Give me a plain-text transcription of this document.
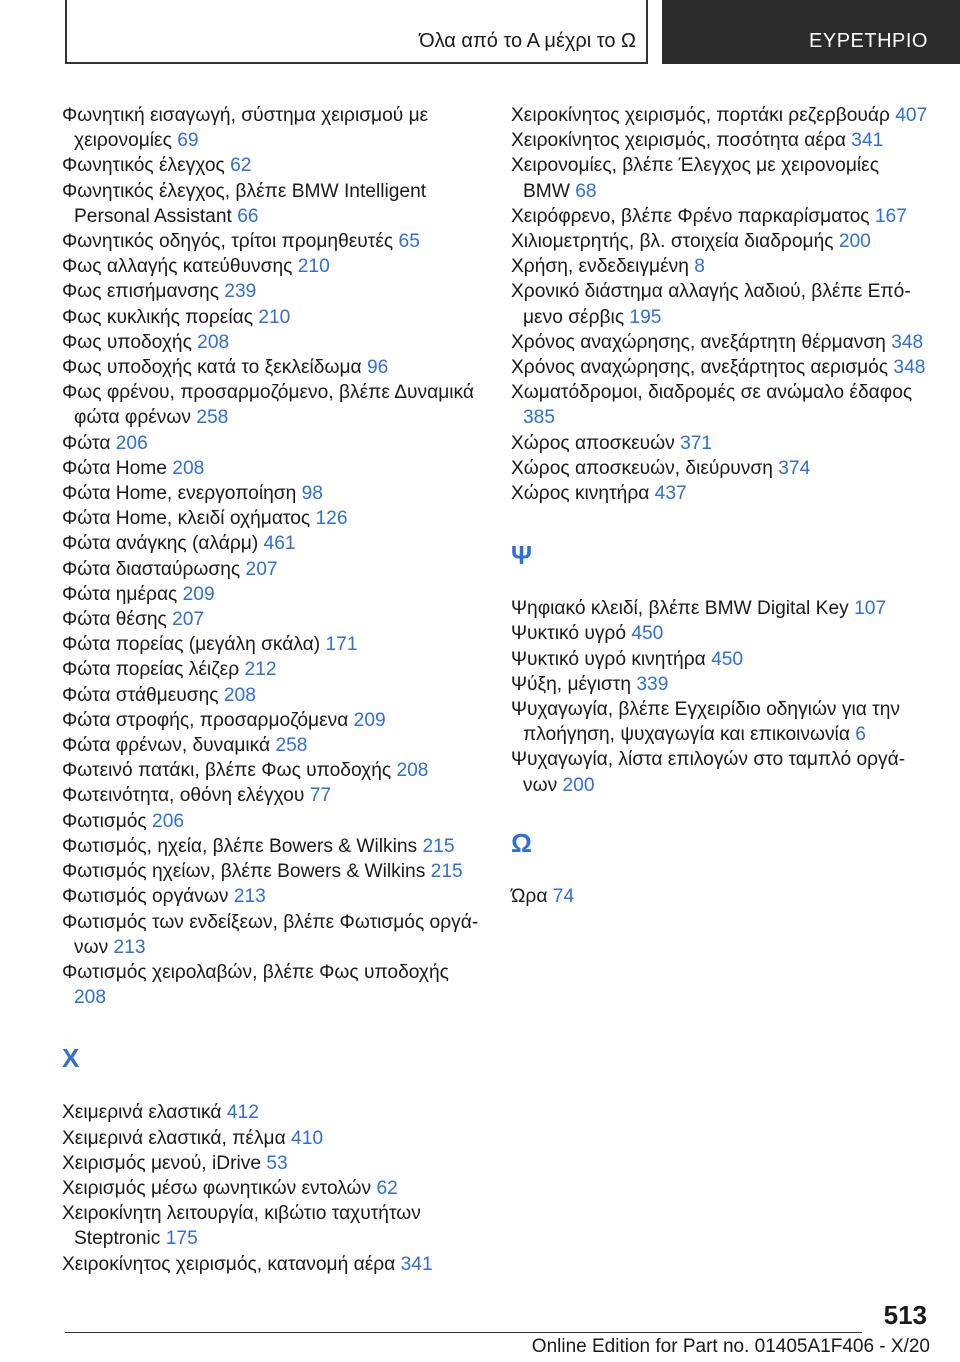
Όλα από το Α μέχρι το Ω	ΕΥΡΕΤΗΡΙΟ

Φωνητική εισαγωγή, σύστημα χειρισμού με χειρονομίες 69

Φωνητικός έλεγχος 62

Φωνητικός έλεγχος, βλέπε BMW Intelligent Personal Assistant 66

Φωνητικός οδηγός, τρίτοι προμηθευτές 65

Φως αλλαγής κατεύθυνσης 210

Φως επισήμανσης 239

Φως κυκλικής πορείας 210

Φως υποδοχής 208

Φως υποδοχής κατά το ξεκλείδωμα 96

Φως φρένου, προσαρμοζόμενο, βλέπε Δυναμικά φώτα φρένων 258

Φώτα 206

Φώτα Home 208

Φώτα Home, ενεργοποίηση 98

Φώτα Home, κλειδί οχήματος 126

Φώτα ανάγκης (αλάρμ) 461

Φώτα διασταύρωσης 207

Φώτα ημέρας 209

Φώτα θέσης 207

Φώτα πορείας (μεγάλη σκάλα) 171

Φώτα πορείας λέιζερ 212

Φώτα στάθμευσης 208

Φώτα στροφής, προσαρμοζόμενα 209

Φώτα φρένων, δυναμικά 258

Φωτεινό πατάκι, βλέπε Φως υποδοχής 208

Φωτεινότητα, οθόνη ελέγχου 77

Φωτισμός 206

Φωτισμός, ηχεία, βλέπε Bowers & Wilkins 215

Φωτισμός ηχείων, βλέπε Bowers & Wilkins 215

Φωτισμός οργάνων 213

Φωτισμός των ενδείξεων, βλέπε Φωτισμός οργάνων 213

Φωτισμός χειρολαβών, βλέπε Φως υποδοχής 208

Χ

Χειμερινά ελαστικά 412

Χειμερινά ελαστικά, πέλμα 410

Χειρισμός μενού, iDrive 53

Χειρισμός μέσω φωνητικών εντολών 62

Χειροκίνητη λειτουργία, κιβώτιο ταχυτήτων Steptronic 175

Χειροκίνητος χειρισμός, κατανομή αέρα 341

Χειροκίνητος χειρισμός, πορτάκι ρεζερβουάρ 407

Χειροκίνητος χειρισμός, ποσότητα αέρα 341

Χειρονομίες, βλέπε Έλεγχος με χειρονομίες BMW 68

Χειρόφρενο, βλέπε Φρένο παρκαρίσματος 167

Χιλιομετρητής, βλ. στοιχεία διαδρομής 200

Χρήση, ενδεδειγμένη 8

Χρονικό διάστημα αλλαγής λαδιού, βλέπε Επόμενο σέρβις 195

Χρόνος αναχώρησης, ανεξάρτητη θέρμανση 348

Χρόνος αναχώρησης, ανεξάρτητος αερισμός 348

Χωματόδρομοι, διαδρομές σε ανώμαλο έδαφος 385

Χώρος αποσκευών 371

Χώρος αποσκευών, διεύρυνση 374

Χώρος κινητήρα 437

Ψ

Ψηφιακό κλειδί, βλέπε BMW Digital Key 107

Ψυκτικό υγρό 450

Ψυκτικό υγρό κινητήρα 450

Ψύξη, μέγιστη 339

Ψυχαγωγία, βλέπε Εγχειρίδιο οδηγιών για την πλοήγηση, ψυχαγωγία και επικοινωνία 6

Ψυχαγωγία, λίστα επιλογών στο ταμπλό οργάνων 200

Ω

Ώρα 74

513
Online Edition for Part no. 01405A1F406 - X/20
